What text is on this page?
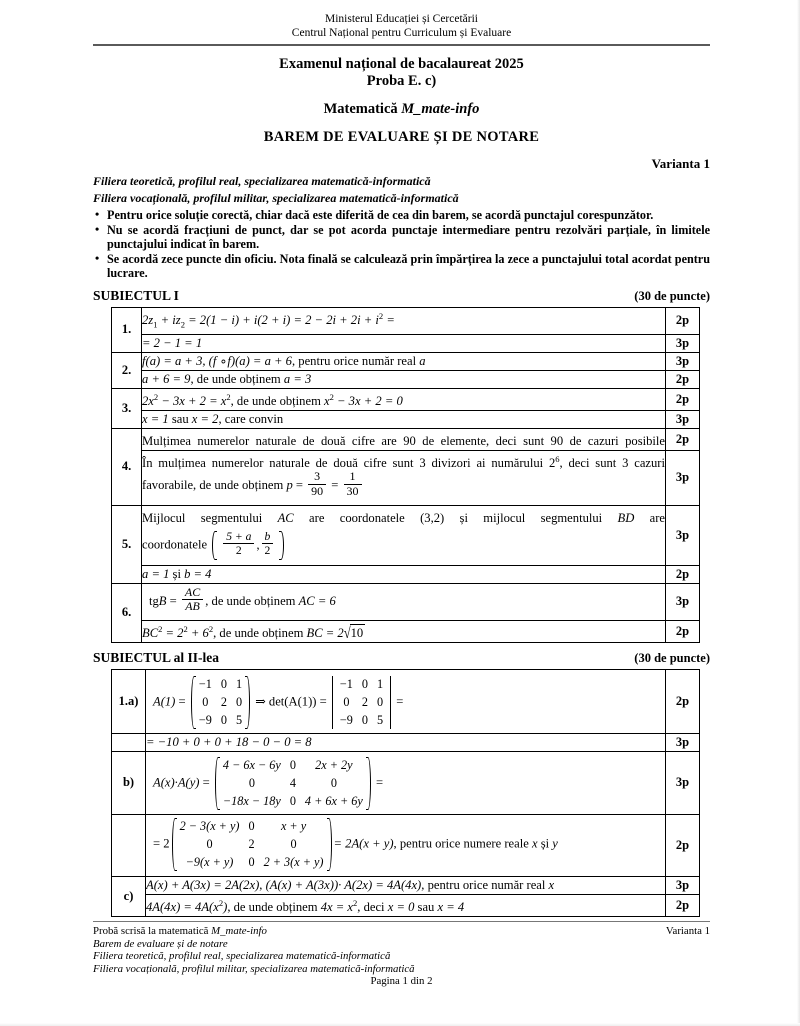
Ministerul Educației și Cercetării
Centrul Național pentru Curriculum și Evaluare
Examenul național de bacalaureat 2025
Proba E. c)
Matematică M_mate-info
BAREM DE EVALUARE ȘI DE NOTARE
Varianta 1
Filiera teoretică, profilul real, specializarea matematică-informatică
Filiera vocațională, profilul militar, specializarea matematică-informatică
• Pentru orice soluție corectă, chiar dacă este diferită de cea din barem, se acordă punctajul corespunzător.
• Nu se acordă fracțiuni de punct, dar se pot acorda punctaje intermediare pentru rezolvări parțiale, în limitele punctajului indicat în barem.
• Se acordă zece puncte din oficiu. Nota finală se calculează prin împărțirea la zece a punctajului total acordat pentru lucrare.
SUBIECTUL I	(30 de puncte)
1.	$2z_1 + iz_2 = 2(1 - i) + i(2 + i) = 2 - 2i + 2i + i^2$ =	2p
	= 2 − 1 = 1	3p
2.	f(a) = a + 3, (f ∘f)(a) = a + 6, pentru orice număr real a	3p
	a + 6 = 9, de unde obținem a = 3	2p
3.	$2x^2 - 3x + 2 = x^2$, de unde obținem $x^2 - 3x + 2 = 0$	2p
	x = 1 sau x = 2, care convin	3p
4.	Mulțimea numerelor naturale de două cifre are 90 de elemente, deci sunt 90 de cazuri posibile	2p

În mulțimea numerelor naturale de două cifre sunt 3 divizori ai numărului $2^6$, deci sunt 3 cazuri favorabile, de unde obținem $p = \frac{3}{90} = \frac{1}{30}$	3p
5.	
Mijlocul segmentului AC are coordonatele (3,2) și mijlocul segmentului BD are
coordonatele $\frac{5 + a}{2}$ , $\frac{b}{2}$	3p
	a = 1 și b = 4	2p
6.	tgB = $\frac{AC}{AB}$ , de unde obținem AC = 6	3p
	$BC^2 = 2^2 + 6^2$, de unde obținem BC = 2√10	2p
SUBIECTUL al II-lea	(30 de puncte)
1.a)	A(1) =
−1 0 1
0 2 0
−9 0 5
⇒ det(A(1)) =
−1 0 1
0 2 0
−9 0 5
=	2p
	= −10 + 0 + 0 + 18 − 0 − 0 = 8	3p
b)	A(x)·A(y) =
4 − 6x − 6y 0 2x + 2y
0	4	0
−18x − 18y 0 4 + 6x + 6y
=	3p
	= 2
2 − 3(x + y) 0 x + y
0	2	0
−9(x + y) 0 2 + 3(x + y)
= 2A(x + y), pentru orice numere reale x și y	2p
c)	A(x) + A(3x) = 2A(2x), (A(x) + A(3x))· A(2x) = 4A(4x), pentru orice număr real x	3p
	$4A(4x) = 4A(x^2)$, de unde obținem $4x = x^2$, deci x = 0 sau x = 4	2p
Probă scrisă la matematică M_mate-info	Varianta 1
Barem de evaluare și de notare
Filiera teoretică, profilul real, specializarea matematică-informatică
Filiera vocațională, profilul militar, specializarea matematică-informatică
Pagina 1 din 2
